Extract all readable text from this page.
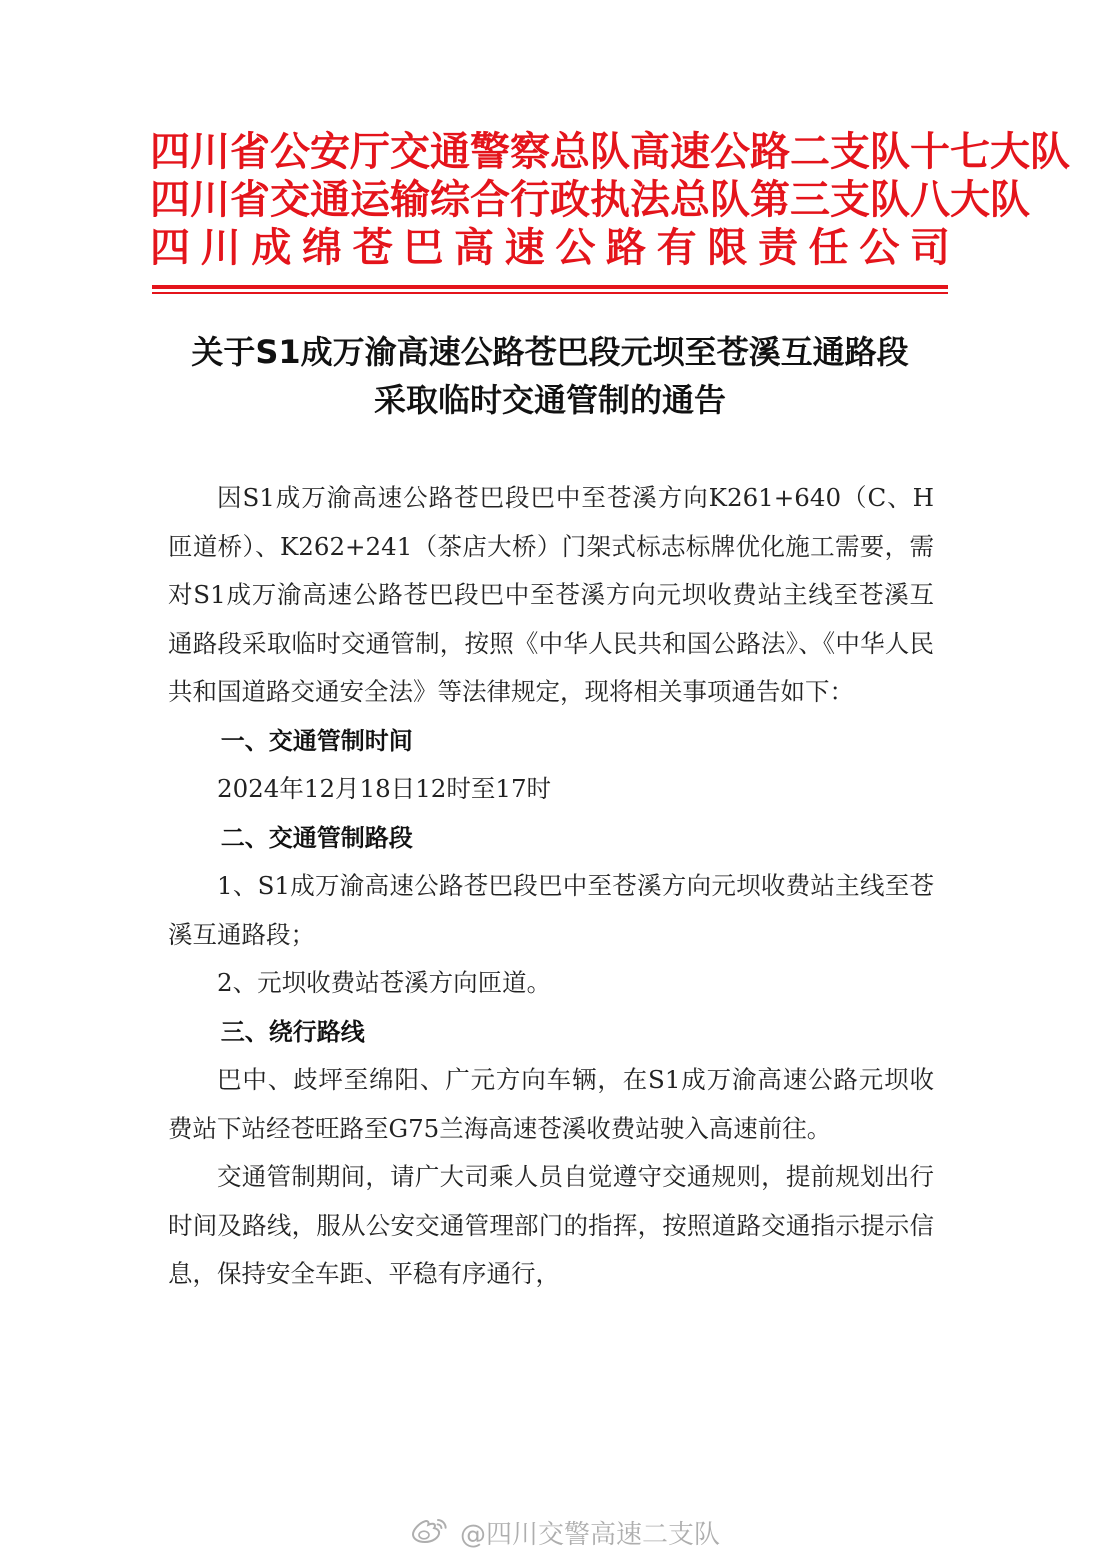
四川省公安厅交通警察总队高速公路二支队十七大队
四川省交通运输综合行政执法总队第三支队八大队
四川成绵苍巴高速公路有限责任公司
关于S1成万渝高速公路苍巴段元坝至苍溪互通路段
采取临时交通管制的通告

因S1成万渝高速公路苍巴段巴中至苍溪方向K261+640（C、H匝道桥）、K262+241（茶店大桥）门架式标志标牌优化施工需要，需对S1成万渝高速公路苍巴段巴中至苍溪方向元坝收费站主线至苍溪互通路段采取临时交通管制，按照《中华人民共和国公路法》、《中华人民共和国道路交通安全法》等法律规定，现将相关事项通告如下：

一、交通管制时间

2024年12月18日12时至17时

二、交通管制路段

1、S1成万渝高速公路苍巴段巴中至苍溪方向元坝收费站主线至苍溪互通路段；

2、元坝收费站苍溪方向匝道。

三、绕行路线

巴中、歧坪至绵阳、广元方向车辆，在S1成万渝高速公路元坝收费站下站经苍旺路至G75兰海高速苍溪收费站驶入高速前往。

交通管制期间，请广大司乘人员自觉遵守交通规则，提前规划出行时间及路线，服从公安交通管理部门的指挥，按照道路交通指示提示信息，保持安全车距、平稳有序通行，

@四川交警高速二支队
